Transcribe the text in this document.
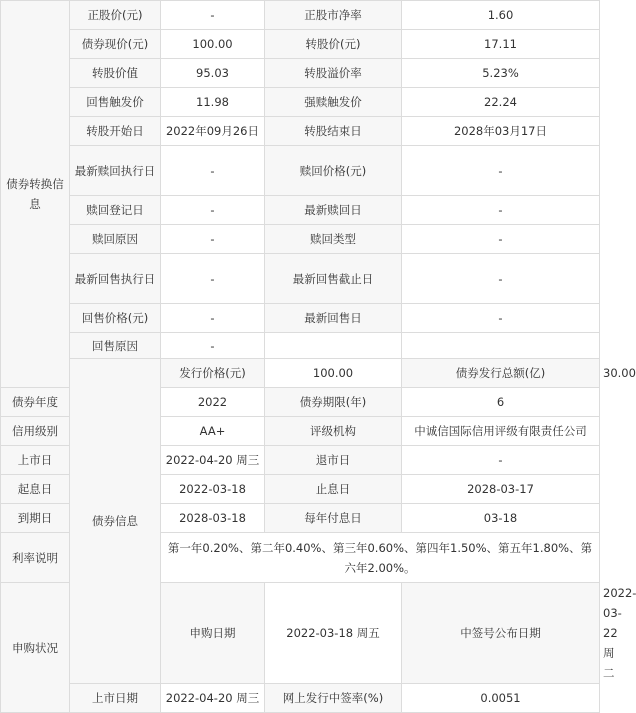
债券转换信息	正股价(元)	-	正股市净率	1.60	
	债券现价(元)	100.00	转股价(元)	17.11	
	转股价值	95.03	转股溢价率	5.23%	
	回售触发价	11.98	强赎触发价	22.24	
	转股开始日	2022年09月26日	转股结束日	2028年03月17日	
	最新赎回执行日	-	赎回价格(元)	-	
	赎回登记日	-	最新赎回日	-	
	赎回原因	-	赎回类型	-	
	最新回售执行日	-	最新回售截止日	-	
	回售价格(元)	-	最新回售日	-	
	回售原因	-			
	债券信息	发行价格(元)	100.00	债券发行总额(亿)	30.00
债券年度		2022	债券期限(年)	6	
信用级别		AA+	评级机构	中诚信国际信用评级有限责任公司	
上市日		2022-04-20 周三	退市日	-	
起息日		2022-03-18	止息日	2028-03-17	
到期日		2028-03-18	每年付息日	03-18	
利率说明		第一年0.20%、第二年0.40%、第三年0.60%、第四年1.50%、第五年1.80%、第六年2.00%。			
申购状况		申购日期	2022-03-18 周五	中签号公布日期	2022-03-22 周二
	上市日期	2022-04-20 周三	网上发行中签率(%)	0.0051	
